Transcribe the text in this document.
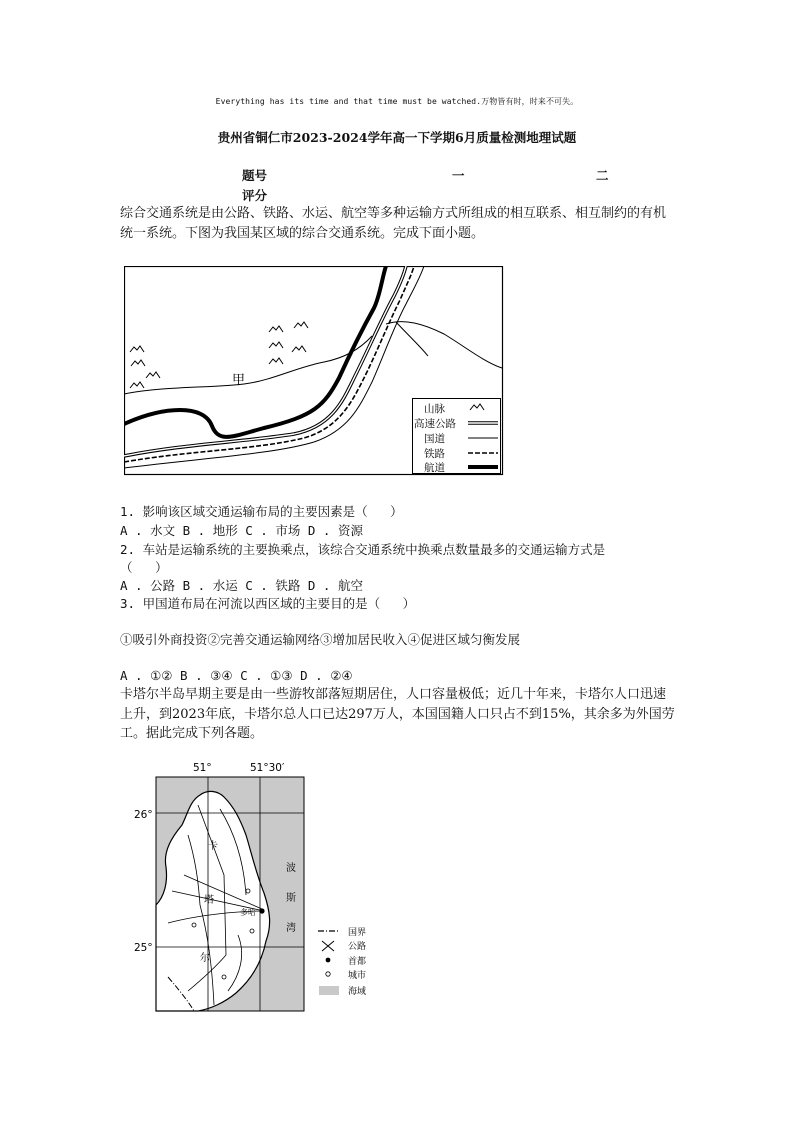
Everything has its time and that time must be watched.万物皆有时，时来不可失。
贵州省铜仁市2023-2024学年高一下学期6月质量检测地理试题
题号	一	二
评分
综合交通系统是由公路、铁路、水运、航空等多种运输方式所组成的相互联系、相互制约的有机统一系统。下图为我国某区域的综合交通系统。完成下面小题。
甲
山脉
高速公路
国道
铁路
航道
1. 影响该区域交通运输布局的主要因素是（   ）
A . 水文 B . 地形 C . 市场 D . 资源
2. 车站是运输系统的主要换乘点，该综合交通系统中换乘点数量最多的交通运输方式是
（   ）
A . 公路 B . 水运 C . 铁路 D . 航空
3. 甲国道布局在河流以西区域的主要目的是（   ）
①吸引外商投资②完善交通运输网络③增加居民收入④促进区域匀衡发展
A . ①② B . ③④ C . ①③ D . ②④
卡塔尔半岛早期主要是由一些游牧部落短期居住，人口容量极低；近几十年来，卡塔尔人口迅速上升，到2023年底，卡塔尔总人口已达297万人，本国国籍人口只占不到15%，其余多为外国劳工。据此完成下列各题。
51°	51°30′
26°
25°
多哈
卡
塔
尔
波
斯
湾	国界
公路
首都
城市
海域
